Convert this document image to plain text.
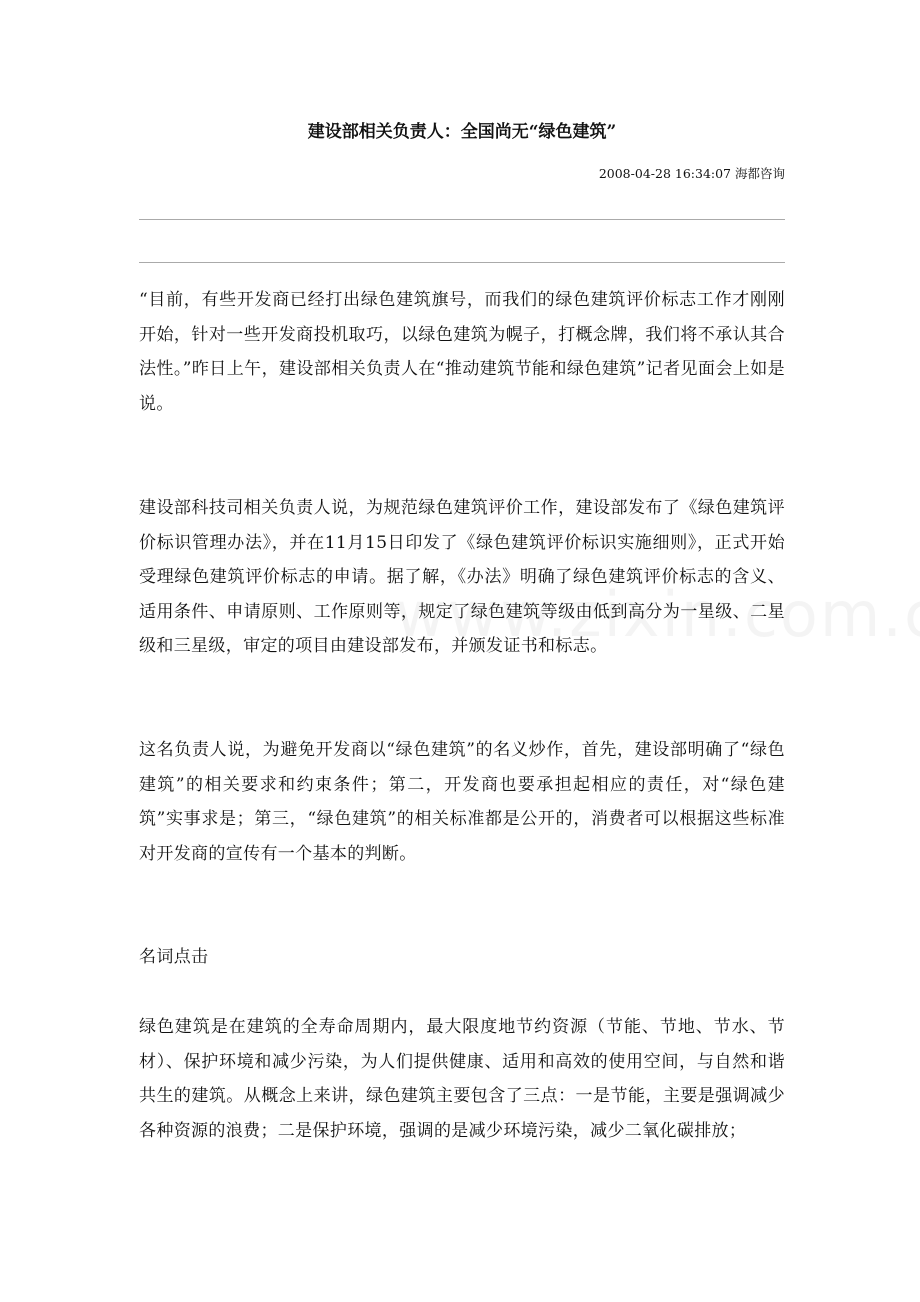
建设部相关负责人：全国尚无“绿色建筑”
2008-04-28 16:34:07 海都咨询

“目前，有些开发商已经打出绿色建筑旗号，而我们的绿色建筑评价标志工作才刚刚开始，针对一些开发商投机取巧，以绿色建筑为幌子，打概念牌，我们将不承认其合法性。”昨日上午，建设部相关负责人在“推动建筑节能和绿色建筑”记者见面会上如是说。

建设部科技司相关负责人说，为规范绿色建筑评价工作，建设部发布了《绿色建筑评价标识管理办法》，并在11月15日印发了《绿色建筑评价标识实施细则》，正式开始受理绿色建筑评价标志的申请。据了解，《办法》明确了绿色建筑评价标志的含义、适用条件、申请原则、工作原则等，规定了绿色建筑等级由低到高分为一星级、二星级和三星级，审定的项目由建设部发布，并颁发证书和标志。

这名负责人说，为避免开发商以“绿色建筑”的名义炒作，首先，建设部明确了“绿色建筑”的相关要求和约束条件；第二，开发商也要承担起相应的责任，对“绿色建筑”实事求是；第三，“绿色建筑”的相关标准都是公开的，消费者可以根据这些标准对开发商的宣传有一个基本的判断。

名词点击

绿色建筑是在建筑的全寿命周期内，最大限度地节约资源（节能、节地、节水、节材）、保护环境和减少污染，为人们提供健康、适用和高效的使用空间，与自然和谐共生的建筑。从概念上来讲，绿色建筑主要包含了三点：一是节能，主要是强调减少各种资源的浪费；二是保护环境，强调的是减少环境污染，减少二氧化碳排放；
